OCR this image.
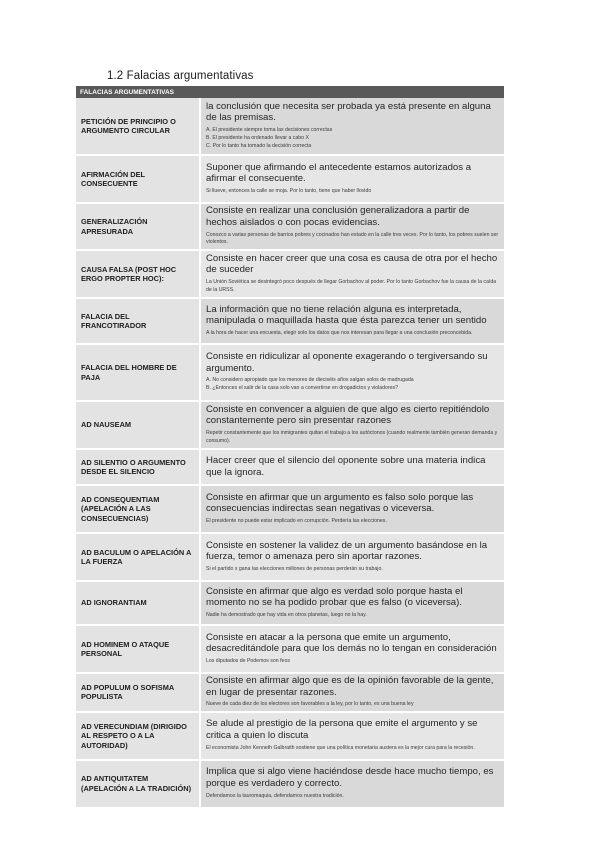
1.2 Falacias argumentativas
FALACIAS ARGUMENTATIVAS	
PETICIÓN DE PRINCIPIO O ARGUMENTO CIRCULAR	la conclusión que necesita ser probada ya está presente en alguna de las premisas.
A. El presidente siempre toma las decisiones correctas
B. El presidente ha ordenado llevar a cabo X
C. Por lo tanto ha tomado la decisión correcta

AFIRMACIÓN DEL CONSECUENTE	Suponer que afirmando el antecedente estamos autorizados a afirmar el consecuente.
Si llueve, entonces la calle se moja. Por lo tanto, tiene que haber llovido

GENERALIZACIÓN APRESURADA	Consiste en realizar una conclusión generalizadora a partir de hechos aislados o con pocas evidencias.
Conozco a varias personas de barrios pobres y cocinados han estado en la calle tres veces. Por lo tanto, los pobres suelen ser violentos.

CAUSA FALSA (POST HOC ERGO PROPTER HOC):	Consiste en hacer creer que una cosa es causa de otra por el hecho de suceder
La Unión Soviética se desintegró poco después de llegar Gorbachov al poder. Por lo tanto Gorbachov fue la causa de la caída de la URSS.

FALACIA DEL FRANCOTIRADOR	La información que no tiene relación alguna es interpretada, manipulada o maquillada hasta que ésta parezca tener un sentido
A la hora de hacer una encuesta, elegir solo los datos que nos interesan para llegar a una conclusión preconcebida.

FALACIA DEL HOMBRE DE PAJA	Consiste en ridiculizar al oponente exagerando o tergiversando su argumento.
A. No considero apropiado que los menores de dieciséis años salgan solos de madrugada
B. ¿Entonces el salir de la casa solo van a convertirse en drogadictos y violadores?

AD NAUSEAM	Consiste en convencer a alguien de que algo es cierto repitiéndolo constantemente pero sin presentar razones
Repetir constantemente que los inmigrantes quitan el trabajo a los autóctonos (cuando realmente también generan demanda y consumo).

AD SILENTIO O ARGUMENTO DESDE EL SILENCIO	Hacer creer que el silencio del oponente sobre una materia indica que la ignora.

AD CONSEQUENTIAM (APELACIÓN A LAS CONSECUENCIAS)	Consiste en afirmar que un argumento es falso solo porque las consecuencias indirectas sean negativas o viceversa.
El presidente no puede estar implicado en corrupción. Perdería las elecciones.

AD BACULUM O APELACIÓN A LA FUERZA	Consiste en sostener la validez de un argumento basándose en la fuerza, temor o amenaza pero sin aportar razones.
Si el partido x gana las elecciones millones de personas perderán su trabajo.

AD IGNORANTIAM	Consiste en afirmar que algo es verdad solo porque hasta el momento no se ha podido probar que es falso (o viceversa).
Nadie ha demostrado que hay vida en otros planetas, luego no la hay.

AD HOMINEM O ATAQUE PERSONAL	Consiste en atacar a la persona que emite un argumento, desacreditándole para que los demás no lo tengan en consideración
Los diputados de Podemos son feos

AD POPULUM O SOFISMA POPULISTA	Consiste en afirmar algo que es de la opinión favorable de la gente, en lugar de presentar razones.
Nueve de cada diez de los electores son favorables a la ley, por lo tanto, es una buena ley

AD VERECUNDIAM (DIRIGIDO AL RESPETO O A LA AUTORIDAD)	Se alude al prestigio de la persona que emite el argumento y se critica a quien lo discuta
El economista John Kenneth Galbraith sostiene que una política monetaria austera es la mejor cura para la recesión.

AD ANTIQUITATEM (APELACIÓN A LA TRADICIÓN)	Implica que si algo viene haciéndose desde hace mucho tiempo, es porque es verdadero y correcto.
Defendamos la tauromaquia, defendamos nuestra tradición.
